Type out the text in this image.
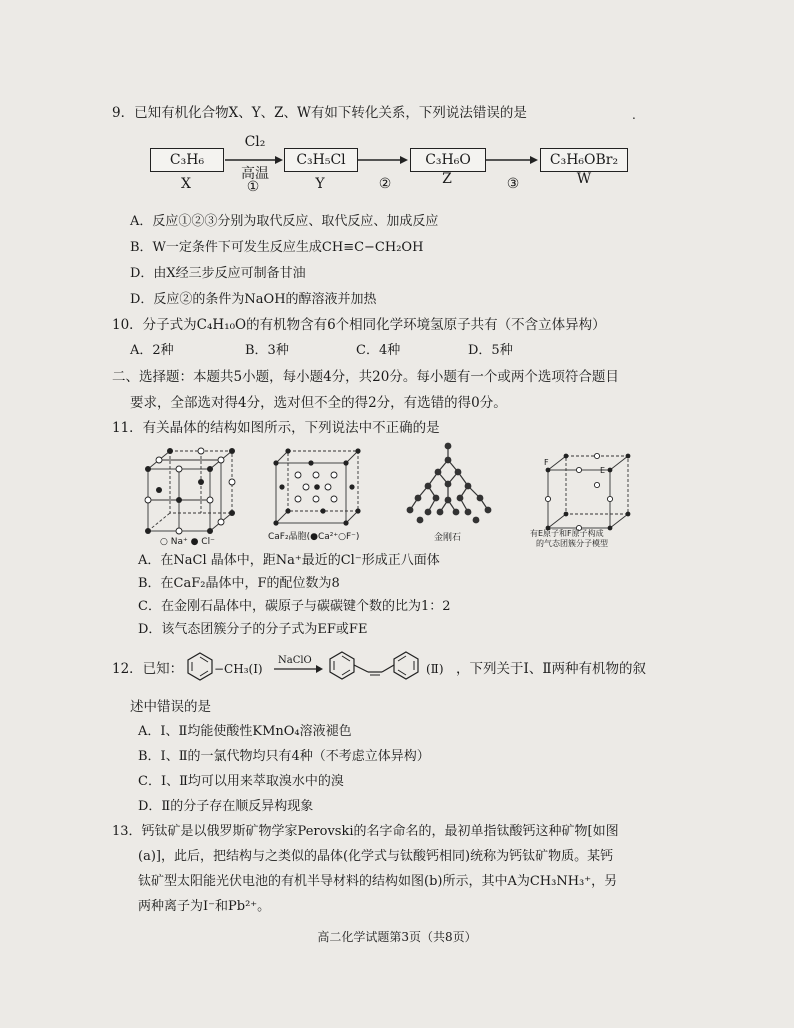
9．已知有机化合物X、Y、Z、W有如下转化关系，下列说法错误的是	.
C₃H₆	C₃H₅Cl	C₃H₆O	C₃H₆OBr₂
Cl₂
高温
X	Y	Z	W
①	②	③
A．反应①②③分别为取代反应、取代反应、加成反应
B．W一定条件下可发生反应生成CH≡C−CH₂OH
D．由X经三步反应可制备甘油
D．反应②的条件为NaOH的醇溶液并加热
10．分子式为C₄H₁₀O的有机物含有6个相同化学环境氢原子共有（不含立体异构）
A．2种	B．3种	C．4种	D．5种
二、选择题：本题共5小题，每小题4分，共20分。每小题有一个或两个选项符合题目
要求，全部选对得4分，选对但不全的得2分，有选错的得0分。
11．有关晶体的结构如图所示，下列说法中不正确的是
○ Na⁺ ● Cl⁻	CaF₂晶胞(●Ca²⁺○F⁻)	金刚石
F
E
有E原子和F原子构成
的气态团簇分子模型
A．在NaCl 晶体中，距Na⁺最近的Cl⁻形成正八面体
B．在CaF₂晶体中，F的配位数为8
C．在金刚石晶体中，碳原子与碳碳键个数的比为1：2
D．该气态团簇分子的分子式为EF或FE
12．已知：	−CH₃(Ⅰ)
NaClO
(Ⅱ) ，下列关于Ⅰ、Ⅱ两种有机物的叙
述中错误的是
A．Ⅰ、Ⅱ均能使酸性KMnO₄溶液褪色
B．Ⅰ、Ⅱ的一氯代物均只有4种（不考虑立体异构）
C．Ⅰ、Ⅱ均可以用来萃取溴水中的溴
D．Ⅱ的分子存在顺反异构现象
13．钙钛矿是以俄罗斯矿物学家Perovski的名字命名的，最初单指钛酸钙这种矿物[如图
(a)]，此后，把结构与之类似的晶体(化学式与钛酸钙相同)统称为钙钛矿物质。某钙
钛矿型太阳能光伏电池的有机半导材料的结构如图(b)所示，其中A为CH₃NH₃⁺，另
两种离子为I⁻和Pb²⁺。
高二化学试题第3页（共8页）
